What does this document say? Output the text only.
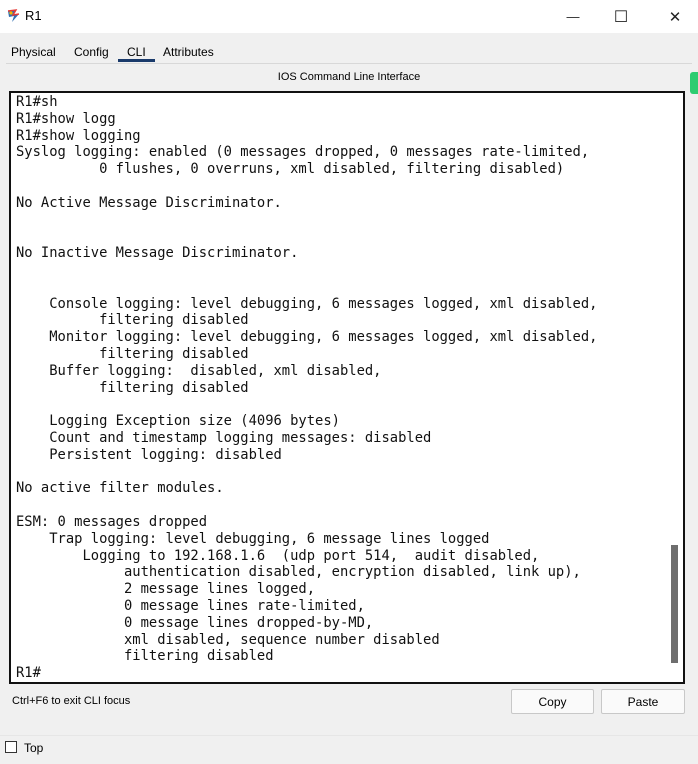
R1	— ☐	✕
Physical Config CLI Attributes
IOS Command Line Interface
R1#sh
R1#show logg
R1#show logging
Syslog logging: enabled (0 messages dropped, 0 messages rate-limited,
0 flushes, 0 overruns, xml disabled, filtering disabled)

No Active Message Discriminator.

No Inactive Message Discriminator.

Console logging: level debugging, 6 messages logged, xml disabled,
filtering disabled
Monitor logging: level debugging, 6 messages logged, xml disabled,
filtering disabled
Buffer logging:  disabled, xml disabled,
filtering disabled

Logging Exception size (4096 bytes)
Count and timestamp logging messages: disabled
Persistent logging: disabled

No active filter modules.

ESM: 0 messages dropped
Trap logging: level debugging, 6 message lines logged
Logging to 192.168.1.6  (udp port 514,  audit disabled,
authentication disabled, encryption disabled, link up),
2 message lines logged,
0 message lines rate-limited,
0 message lines dropped-by-MD,
xml disabled, sequence number disabled
filtering disabled
R1#
Ctrl+F6 to exit CLI focus	Copy	Paste
Top
